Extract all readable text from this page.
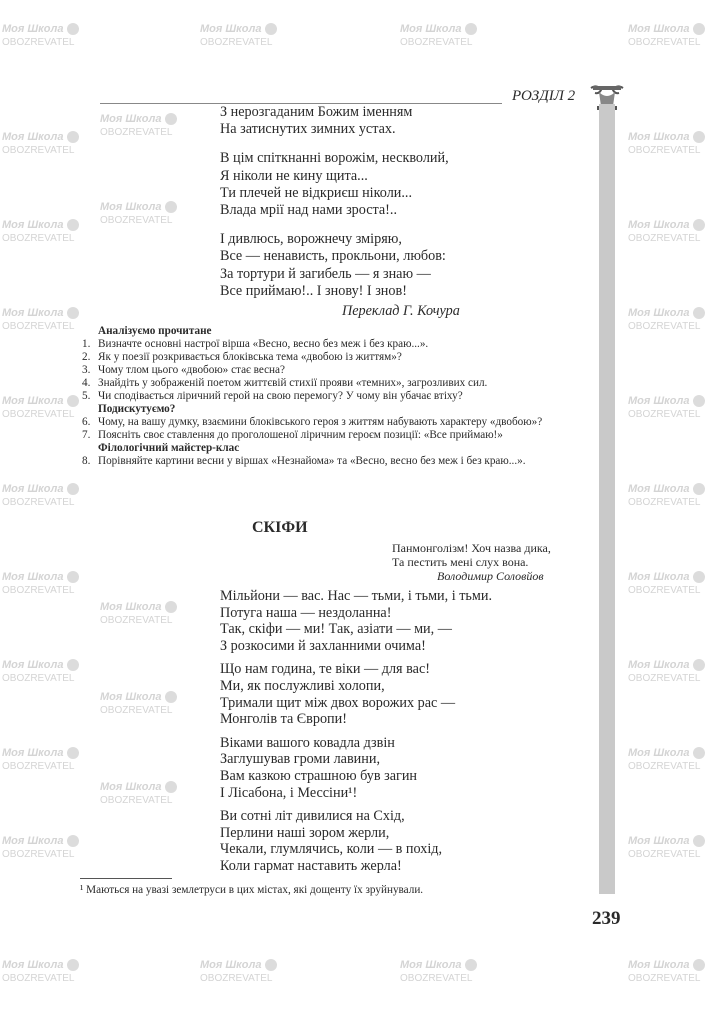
Моя Школа
OBOZREVATEL
Моя Школа
OBOZREVATEL
Моя Школа
OBOZREVATEL
Моя Школа
OBOZREVATEL
Моя Школа
OBOZREVATEL
Моя Школа
OBOZREVATEL
Моя Школа
OBOZREVATEL
Моя Школа
OBOZREVATEL
Моя Школа
OBOZREVATEL
Моя Школа
OBOZREVATEL
Моя Школа
OBOZREVATEL
Моя Школа
OBOZREVATEL
Моя Школа
OBOZREVATEL
Моя Школа
OBOZREVATEL
Моя Школа
OBOZREVATEL
Моя Школа
OBOZREVATEL
Моя Школа
OBOZREVATEL
Моя Школа
OBOZREVATEL
Моя Школа
OBOZREVATEL
Моя Школа
OBOZREVATEL
Моя Школа
OBOZREVATEL
Моя Школа
OBOZREVATEL
Моя Школа
OBOZREVATEL
Моя Школа
OBOZREVATEL
Моя Школа
OBOZREVATEL
Моя Школа
OBOZREVATEL
Моя Школа
OBOZREVATEL
Моя Школа
OBOZREVATEL
Моя Школа
OBOZREVATEL
Моя Школа
OBOZREVATEL
Моя Школа
OBOZREVATEL
РОЗДІЛ 2
З нерозгаданим Божим іменням
На затиснутих зимних устах.
В цім спіткнанні ворожім, нескволий,
Я ніколи не кину щита...
Ти плечей не відкриєш ніколи...
Влада мрії над нами зроста!..
І дивлюсь, ворожнечу зміряю,
Все — ненависть, прокльони, любов:
За тортури й загибель — я знаю —
Все приймаю!.. І знову! І знов!
Переклад Г. Кочура
Аналізуємо прочитане
1. Визначте основні настрої вірша «Весно, весно без меж і без краю...».
2. Як у поезії розкривається блоківська тема «двобою із життям»?
3. Чому тлом цього «двобою» стає весна?
4. Знайдіть у зображеній поетом життєвій стихії прояви «темних», загрозливих сил.
5. Чи сподівається ліричний герой на свою перемогу? У чому він убачає втіху?
Подискутуємо?
6. Чому, на вашу думку, взаємини блоківського героя з життям набувають характеру «двобою»?
7. Поясніть своє ставлення до проголошеної ліричним героєм позиції: «Все приймаю!»
Філологічний майстер-клас
8. Порівняйте картини весни у віршах «Незнайома» та «Весно, весно без меж і без краю...».
СКІФИ
Панмонголізм! Хоч назва дика,
Та пестить мені слух вона.
Володимир Соловйов
Мільйони — вас. Нас — тьми, і тьми, і тьми.
Потуга наша — нездоланна!
Так, скіфи — ми! Так, азіати — ми, —
З розкосими й захланними очима!
Що нам година, те віки — для вас!
Ми, як послужливі холопи,
Тримали щит між двох ворожих рас —
Монголів та Європи!
Віками вашого ковадла дзвін
Заглушував громи лавини,
Вам казкою страшною був загин
І Лісабона, і Мессіни¹!
Ви сотні літ дивилися на Схід,
Перлини наші зором жерли,
Чекали, глумлячись, коли — в похід,
Коли гармат наставить жерла!
¹ Маються на увазі землетруси в цих містах, які дощенту їх зруйнували.
239
